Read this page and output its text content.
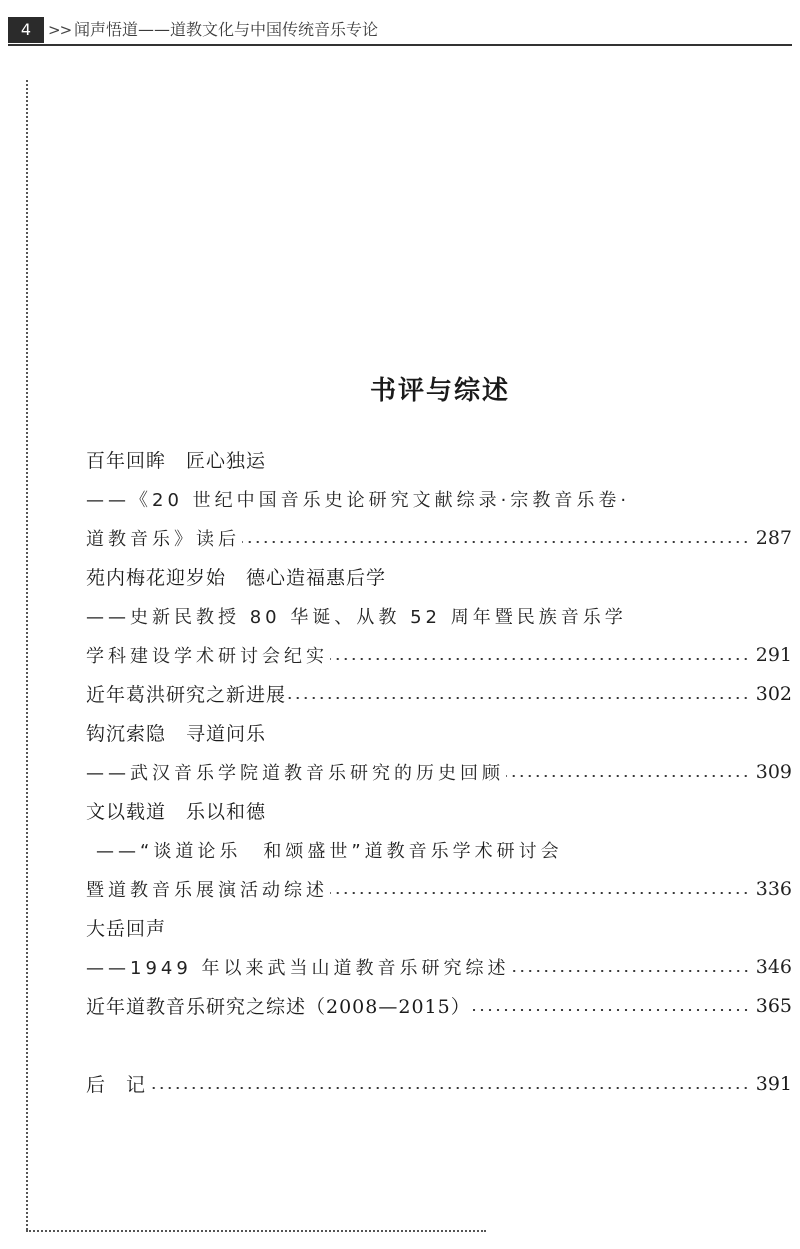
4	>> 闻声悟道——道教文化与中国传统音乐专论
书评与综述
百年回眸　匠心独运
——《20 世纪中国音乐史论研究文献综录·宗教音乐卷·
道教音乐》读后	287
苑内梅花迎岁始　德心造福惠后学
——史新民教授 80 华诞、从教 52 周年暨民族音乐学
学科建设学术研讨会纪实	291
近年葛洪研究之新进展	302
钩沉索隐　寻道问乐
——武汉音乐学院道教音乐研究的历史回顾	309
文以载道　乐以和德
——“谈道论乐　和颂盛世”道教音乐学术研讨会
暨道教音乐展演活动综述	336
大岳回声
——1949 年以来武当山道教音乐研究综述	346
近年道教音乐研究之综述（2008—2015）	365
后　记	391
